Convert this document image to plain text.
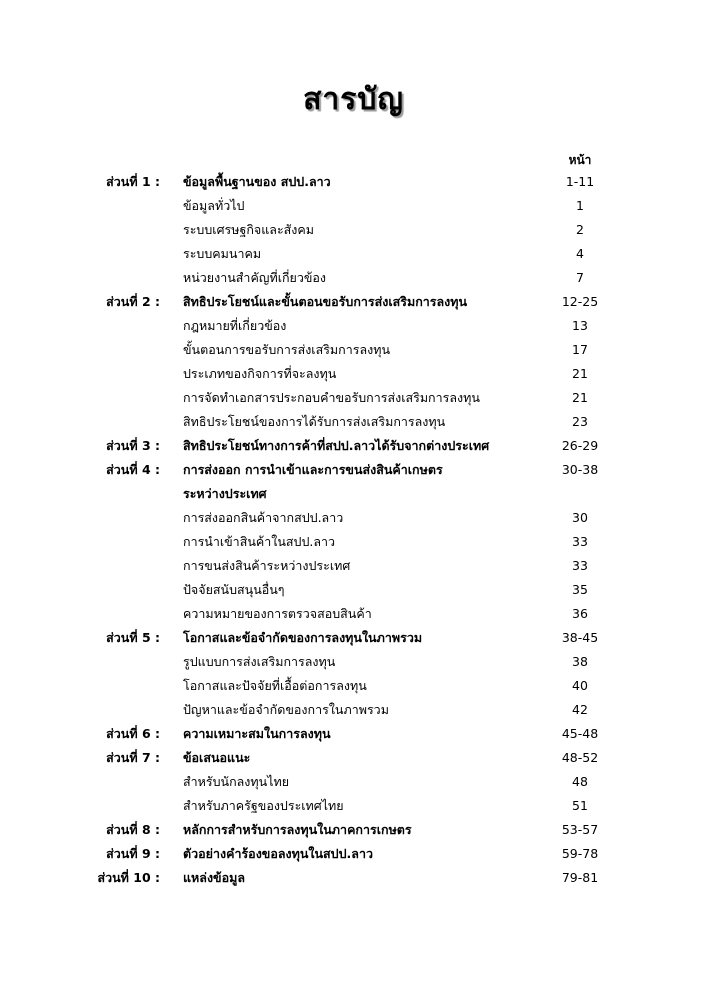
สารบัญ
หน้า
ส่วนที่ 1 : ข้อมูลพื้นฐานของ สปป.ลาว	1-11
ข้อมูลทั่วไป	1
ระบบเศรษฐกิจและสังคม	2
ระบบคมนาคม	4
หน่วยงานสำคัญที่เกี่ยวข้อง	7
ส่วนที่ 2 : สิทธิประโยชน์และขั้นตอนขอรับการส่งเสริมการลงทุน	12-25
กฎหมายที่เกี่ยวข้อง	13
ขั้นตอนการขอรับการส่งเสริมการลงทุน	17
ประเภทของกิจการที่จะลงทุน	21
การจัดทำเอกสารประกอบคำขอรับการส่งเสริมการลงทุน	21
สิทธิประโยชน์ของการได้รับการส่งเสริมการลงทุน	23
ส่วนที่ 3 : สิทธิประโยชน์ทางการค้าที่สปป.ลาวได้รับจากต่างประเทศ	26-29
ส่วนที่ 4 : การส่งออก การนำเข้าและการขนส่งสินค้าเกษตร	30-38
ระหว่างประเทศ
การส่งออกสินค้าจากสปป.ลาว	30
การนำเข้าสินค้าในสปป.ลาว	33
การขนส่งสินค้าระหว่างประเทศ	33
ปัจจัยสนับสนุนอื่นๆ	35
ความหมายของการตรวจสอบสินค้า	36
ส่วนที่ 5 : โอกาสและข้อจำกัดของการลงทุนในภาพรวม	38-45
รูปแบบการส่งเสริมการลงทุน	38
โอกาสและปัจจัยที่เอื้อต่อการลงทุน	40
ปัญหาและข้อจำกัดของการในภาพรวม	42
ส่วนที่ 6 : ความเหมาะสมในการลงทุน	45-48
ส่วนที่ 7 : ข้อเสนอแนะ	48-52
สำหรับนักลงทุนไทย	48
สำหรับภาครัฐของประเทศไทย	51
ส่วนที่ 8 : หลักการสำหรับการลงทุนในภาคการเกษตร	53-57
ส่วนที่ 9 : ตัวอย่างคำร้องขอลงทุนในสปป.ลาว	59-78
ส่วนที่ 10 : แหล่งข้อมูล	79-81
